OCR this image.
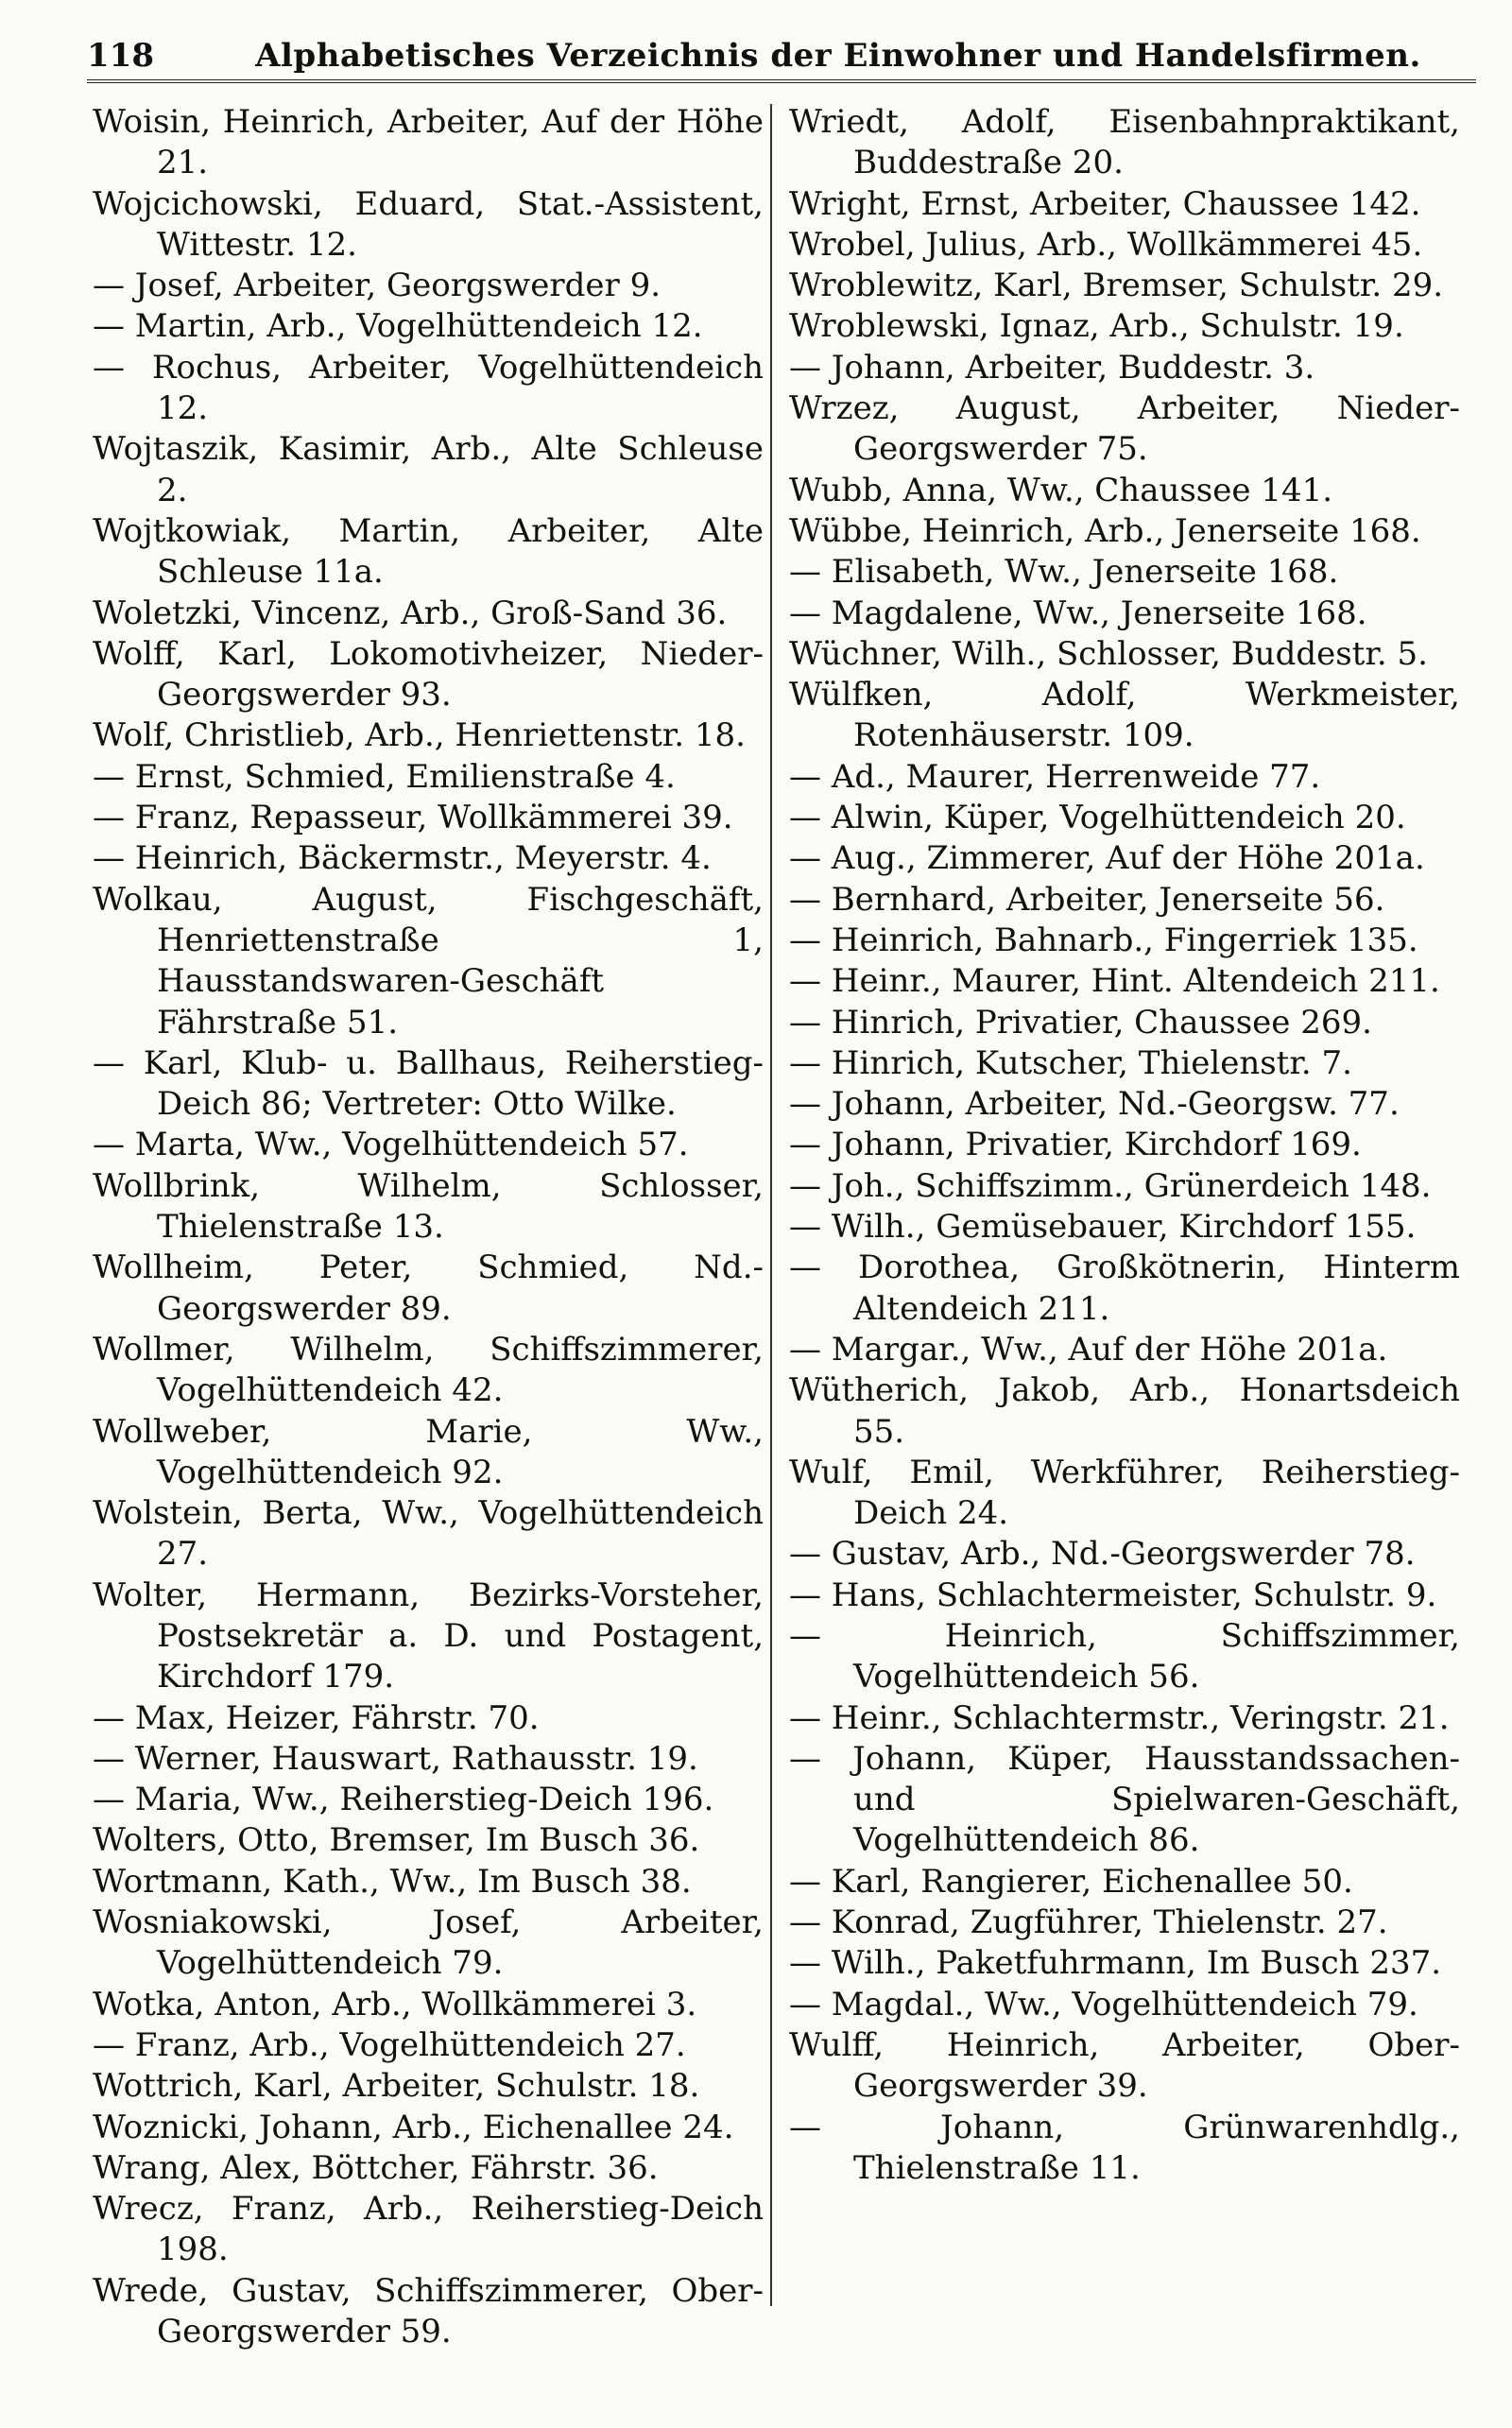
118	Alphabetisches Verzeichnis der Einwohner und Handelsfirmen.

Woisin, Heinrich, Arbeiter, Auf der Höhe 21.

Wojcichowski, Eduard, Stat.-Assistent, Wittestr. 12.

— Josef, Arbeiter, Georgswerder 9.

— Martin, Arb., Vogelhüttendeich 12.

— Rochus, Arbeiter, Vogelhüttendeich 12.

Wojtaszik, Kasimir, Arb., Alte Schleuse 2.

Wojtkowiak, Martin, Arbeiter, Alte Schleuse 11a.

Woletzki, Vincenz, Arb., Groß-Sand 36.

Wolff, Karl, Lokomotivheizer, Nieder-Georgswerder 93.

Wolf, Christlieb, Arb., Henriettenstr. 18.

— Ernst, Schmied, Emilienstraße 4.

— Franz, Repasseur, Wollkämmerei 39.

— Heinrich, Bäckermstr., Meyerstr. 4.

Wolkau, August, Fischgeschäft, Henriettenstraße 1, Hausstandswaren-Geschäft Fährstraße 51.

— Karl, Klub- u. Ballhaus, Reiherstieg-Deich 86; Vertreter: Otto Wilke.

— Marta, Ww., Vogelhüttendeich 57.

Wollbrink, Wilhelm, Schlosser, Thielenstraße 13.

Wollheim, Peter, Schmied, Nd.-Georgswerder 89.

Wollmer, Wilhelm, Schiffszimmerer, Vogelhüttendeich 42.

Wollweber, Marie, Ww., Vogelhüttendeich 92.

Wolstein, Berta, Ww., Vogelhüttendeich 27.

Wolter, Hermann, Bezirks-Vorsteher, Postsekretär a. D. und Postagent, Kirchdorf 179.

— Max, Heizer, Fährstr. 70.

— Werner, Hauswart, Rathausstr. 19.

— Maria, Ww., Reiherstieg-Deich 196.

Wolters, Otto, Bremser, Im Busch 36.

Wortmann, Kath., Ww., Im Busch 38.

Wosniakowski, Josef, Arbeiter, Vogelhüttendeich 79.

Wotka, Anton, Arb., Wollkämmerei 3.

— Franz, Arb., Vogelhüttendeich 27.

Wottrich, Karl, Arbeiter, Schulstr. 18.

Woznicki, Johann, Arb., Eichenallee 24.

Wrang, Alex, Böttcher, Fährstr. 36.

Wrecz, Franz, Arb., Reiherstieg-Deich 198.

Wrede, Gustav, Schiffszimmerer, Ober-Georgswerder 59.

Wriedt, Adolf, Eisenbahnpraktikant, Buddestraße 20.

Wright, Ernst, Arbeiter, Chaussee 142.

Wrobel, Julius, Arb., Wollkämmerei 45.

Wroblewitz, Karl, Bremser, Schulstr. 29.

Wroblewski, Ignaz, Arb., Schulstr. 19.

— Johann, Arbeiter, Buddestr. 3.

Wrzez, August, Arbeiter, Nieder-Georgswerder 75.

Wubb, Anna, Ww., Chaussee 141.

Wübbe, Heinrich, Arb., Jenerseite 168.

— Elisabeth, Ww., Jenerseite 168.

— Magdalene, Ww., Jenerseite 168.

Wüchner, Wilh., Schlosser, Buddestr. 5.

Wülfken, Adolf, Werkmeister, Rotenhäuserstr. 109.

— Ad., Maurer, Herrenweide 77.

— Alwin, Küper, Vogelhüttendeich 20.

— Aug., Zimmerer, Auf der Höhe 201a.

— Bernhard, Arbeiter, Jenerseite 56.

— Heinrich, Bahnarb., Fingerriek 135.

— Heinr., Maurer, Hint. Altendeich 211.

— Hinrich, Privatier, Chaussee 269.

— Hinrich, Kutscher, Thielenstr. 7.

— Johann, Arbeiter, Nd.-Georgsw. 77.

— Johann, Privatier, Kirchdorf 169.

— Joh., Schiffszimm., Grünerdeich 148.

— Wilh., Gemüsebauer, Kirchdorf 155.

— Dorothea, Großkötnerin, Hinterm Altendeich 211.

— Margar., Ww., Auf der Höhe 201a.

Wütherich, Jakob, Arb., Honartsdeich 55.

Wulf, Emil, Werkführer, Reiherstieg-Deich 24.

— Gustav, Arb., Nd.-Georgswerder 78.

— Hans, Schlachtermeister, Schulstr. 9.

— Heinrich, Schiffszimmer, Vogelhüttendeich 56.

— Heinr., Schlachtermstr., Veringstr. 21.

— Johann, Küper, Hausstandssachen- und Spielwaren-Geschäft, Vogelhüttendeich 86.

— Karl, Rangierer, Eichenallee 50.

— Konrad, Zugführer, Thielenstr. 27.

— Wilh., Paketfuhrmann, Im Busch 237.

— Magdal., Ww., Vogelhüttendeich 79.

Wulff, Heinrich, Arbeiter, Ober-Georgswerder 39.

— Johann, Grünwarenhdlg., Thielenstraße 11.
